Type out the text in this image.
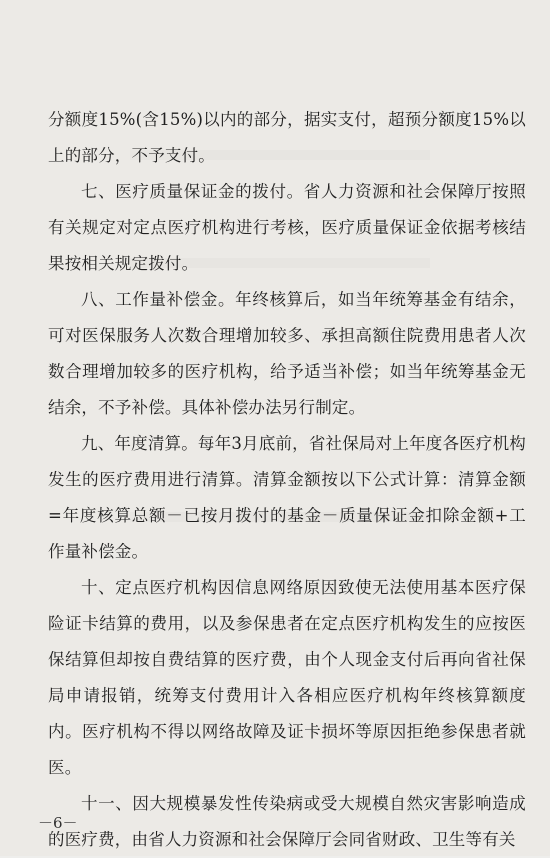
分额度15%(含15%)以内的部分，据实支付，超预分额度15%以上的部分，不予支付。

七、医疗质量保证金的拨付。省人力资源和社会保障厅按照有关规定对定点医疗机构进行考核，医疗质量保证金依据考核结果按相关规定拨付。

八、工作量补偿金。年终核算后，如当年统筹基金有结余，可对医保服务人次数合理增加较多、承担高额住院费用患者人次数合理增加较多的医疗机构，给予适当补偿；如当年统筹基金无结余，不予补偿。具体补偿办法另行制定。

九、年度清算。每年3月底前，省社保局对上年度各医疗机构发生的医疗费用进行清算。清算金额按以下公式计算：清算金额=年度核算总额－已按月拨付的基金－质量保证金扣除金额+工作量补偿金。

十、定点医疗机构因信息网络原因致使无法使用基本医疗保险证卡结算的费用，以及参保患者在定点医疗机构发生的应按医保结算但却按自费结算的医疗费，由个人现金支付后再向省社保局申请报销，统筹支付费用计入各相应医疗机构年终核算额度内。医疗机构不得以网络故障及证卡损坏等原因拒绝参保患者就医。

十一、因大规模暴发性传染病或受大规模自然灾害影响造成的医疗费，由省人力资源和社会保障厅会同省财政、卫生等有关

－6－
